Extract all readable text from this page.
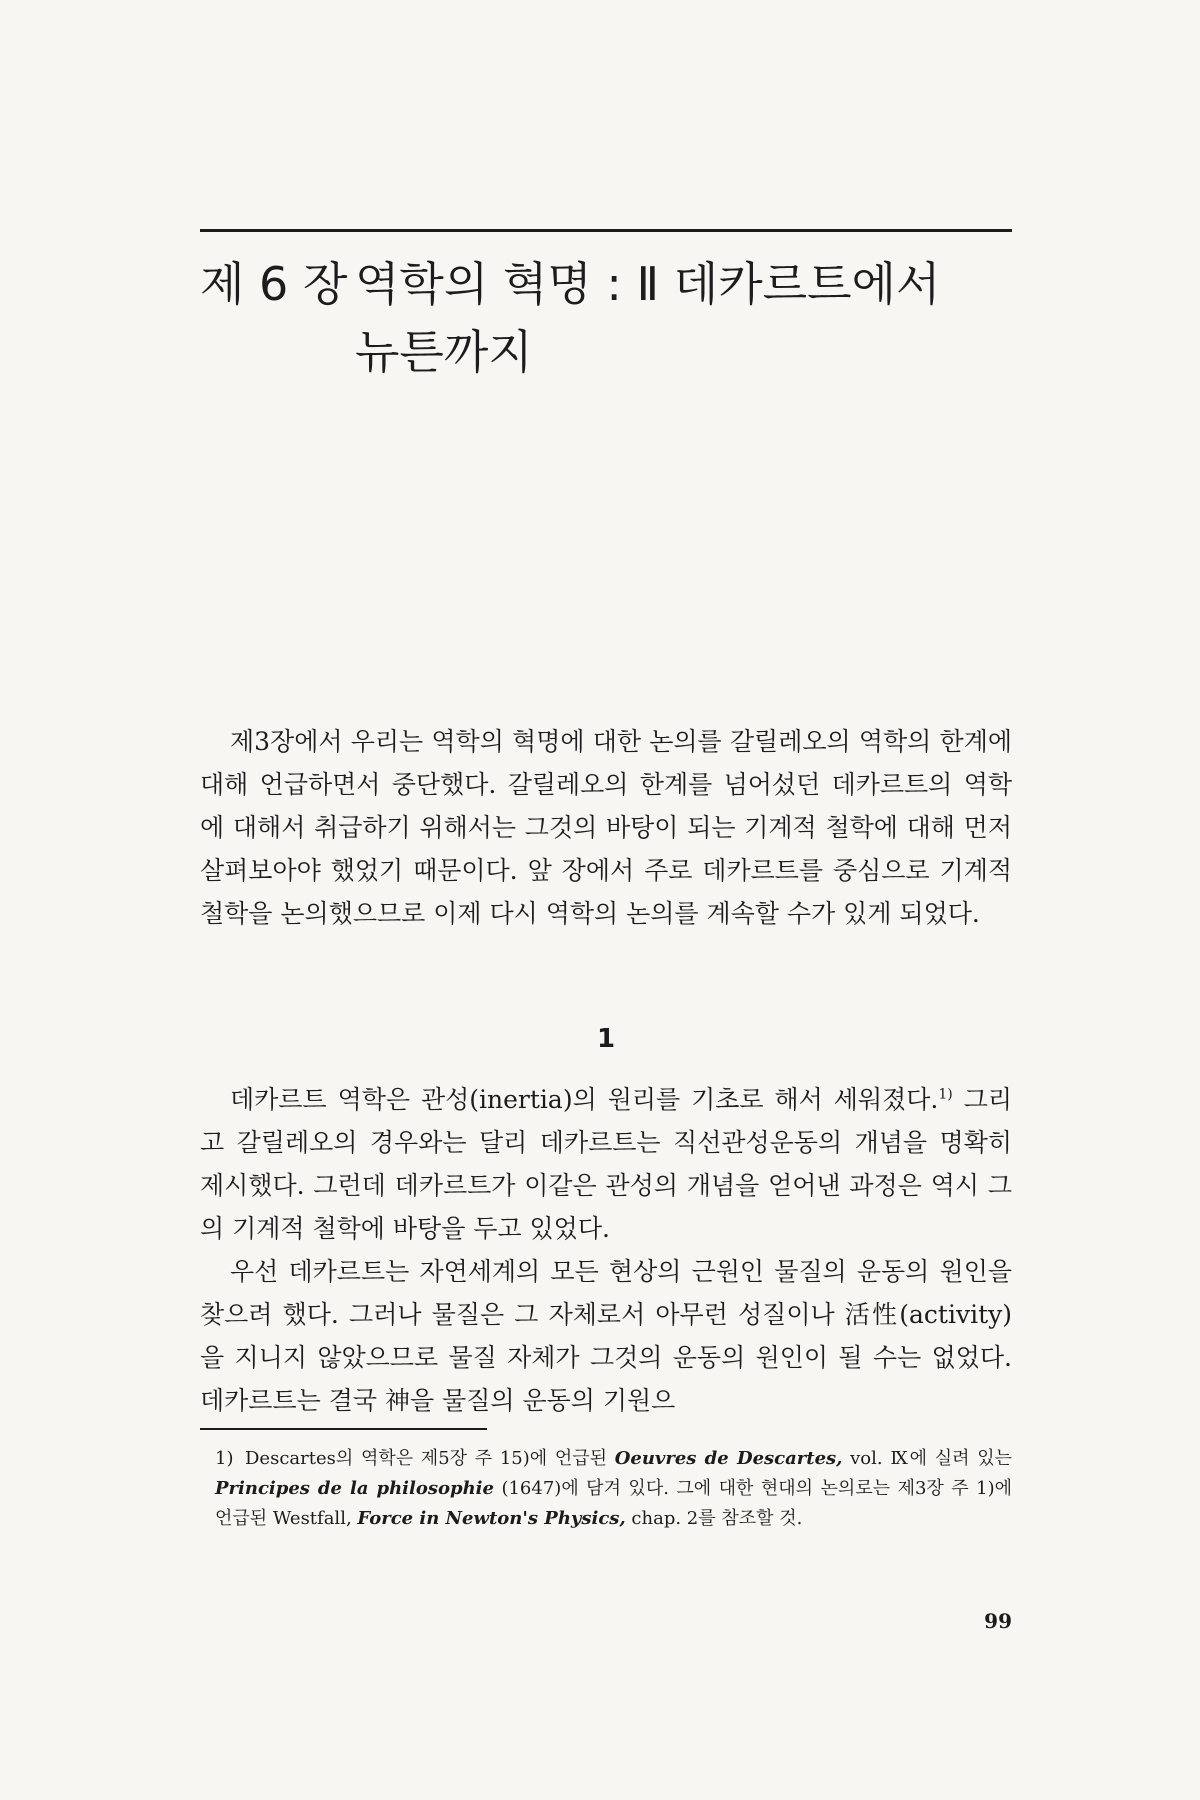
제 6 장 역학의 혁명 : Ⅱ 데카르트에서
뉴튼까지

제3장에서 우리는 역학의 혁명에 대한 논의를 갈릴레오의 역학의 한계에 대해 언급하면서 중단했다. 갈릴레오의 한계를 넘어섰던 데카르트의 역학에 대해서 취급하기 위해서는 그것의 바탕이 되는 기계적 철학에 대해 먼저 살펴보아야 했었기 때문이다. 앞 장에서 주로 데카르트를 중심으로 기계적 철학을 논의했으므로 이제 다시 역학의 논의를 계속할 수가 있게 되었다.

1

데카르트 역학은 관성(inertia)의 원리를 기초로 해서 세워졌다.$^{1)}$ 그리고 갈릴레오의 경우와는 달리 데카르트는 직선관성운동의 개념을 명확히 제시했다. 그런데 데카르트가 이같은 관성의 개념을 얻어낸 과정은 역시 그의 기계적 철학에 바탕을 두고 있었다.

우선 데카르트는 자연세계의 모든 현상의 근원인 물질의 운동의 원인을 찾으려 했다. 그러나 물질은 그 자체로서 아무런 성질이나 活性(activity)을 지니지 않았으므로 물질 자체가 그것의 운동의 원인이 될 수는 없었다. 데카르트는 결국 神을 물질의 운동의 기원으

1) Descartes의 역학은 제5장 주 15)에 언급된 Oeuvres de Descartes, vol. Ⅸ에 실려 있는 Principes de la philosophie (1647)에 담겨 있다. 그에 대한 현대의 논의로는 제3장 주 1)에 언급된 Westfall, Force in Newton's Physics, chap. 2를 참조할 것.
99
